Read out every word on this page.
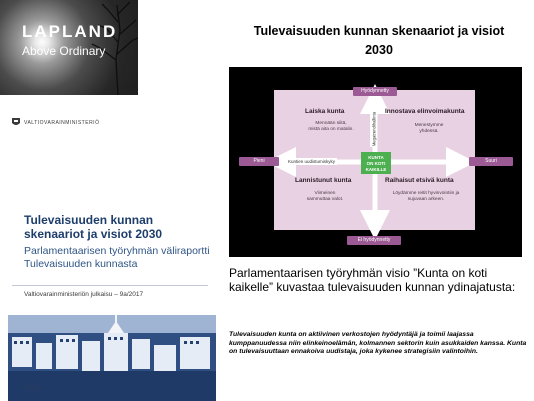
LAPLAND
Above Ordinary
VALTIOVARAINMINISTERIÖ
Tulevaisuuden kunnan
skenaariot ja visiot 2030
Parlamentaarisen työryhmän väliraportti
Tulevaisuuden kunnasta
Valtiovarainministeriön julkaisu – 9a/2017
Kunta
Tulevaisuuden kunnan skenaariot ja visiot
2030
Hyödynnetty
Ei hyödynnetty
Pieni	Suuri
Megatrendihallinta
Kuntien uudistumiskyky
KUNTA
ON KOTI
KAIKILLE
Laiska kunta
Mennään siitä,
mistä aita on matalin.
Innostava elinvoimakunta
Menestymme
yhdessä.
Lannistunut kunta
Viimeinen
sammuttaa valot.
Raihaisut etsivä kunta
Löydämme reitit hyvinvointiin ja
sujuvaan arkeen.
Parlamentaarisen työryhmän visio ”Kunta on koti kaikelle” kuvastaa tulevaisuuden kunnan ydinajatusta:
Tulevaisuuden kunta on aktiivinen verkostojen hyödyntäjä ja toimii laajassa kumppanuudessa niin elinkeinoelämän, kolmannen sektorin kuin asukkaiden kanssa. Kunta on tulevaisuuttaan ennakoiva uudistaja, joka kykenee strategisiin valintoihin.
